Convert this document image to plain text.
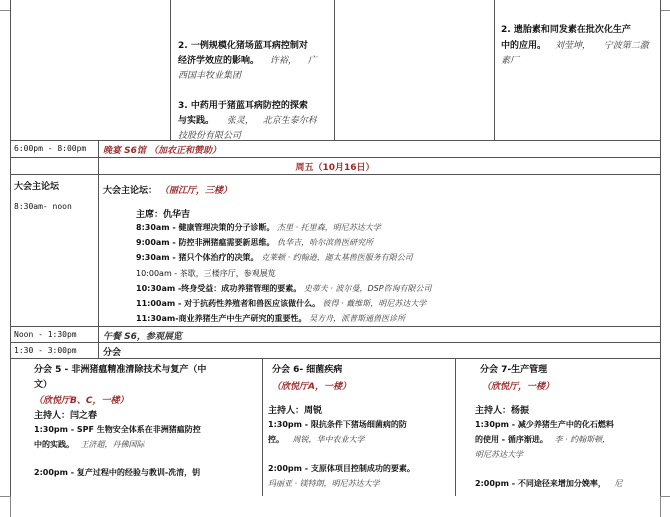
2. 一例规模化猪场蓝耳病控制对
经济学效应的影响。 许裕， 广
西国丰牧业集团
3. 中药用于猪蓝耳病防控的探索
与实践。 张灵， 北京生泰尔科
技股份有限公司
2. 遗胎素和同发素在批次化生产
中的应用。 刘莹坤， 宁波第二激
素厂
6:00pm - 8:00pm 晚宴 S6馆 （加农正和赞助）
周五（10月16日）
大会主论坛
8:30am- noon
大会主论坛： （丽江厅，三楼）
主席：仇华吉
8:30am - 健康管理决策的分子诊断。 杰里 · 托里森，明尼苏达大学
9:00am - 防控非洲猪瘟需要新思维。 仇华吉，哈尔滨兽医研究所
9:30am - 猪只个体治疗的决策。 克莱顿 · 约翰逊，迦太基兽医服务有限公司
10:00am - 茶歇，三楼序厅，参观展览
10:30am -终身受益：成功养猪管理的要素。 史蒂夫 · 波尔曼，DSP咨询有限公司
11:00am - 对于抗药性养殖者和兽医应该做什么。 彼得 · 戴维斯，明尼苏达大学
11:30am-商业养猪生产中生产研究的重要性。 吴方舟，派普斯通兽医诊所
Noon - 1:30pm	午餐 S6，参观展览
1:30 - 3:00pm	分会
分会 5 - 非洲猪瘟精准清除技术与复产（中
文）
（欣悦厅B、C，一楼）
主持人：闫之春
1:30pm - SPF 生物安全体系在非洲猪瘟防控
中的实践。 王济超，丹佛国际
2:00pm - 复产过程中的经验与教训-冼淯，钥
分会 6- 细菌疾病
（欣悦厅A，一楼）
主持人：周锐
1:30pm - 限抗条件下猪场细菌病的防
控。 周锐，华中农业大学
2:00pm - 支原体项目控制成功的要素。
玛丽亚 · 镁特朗，明尼苏达大学
分会 7-生产管理
（欣悦厅，一楼）
主持人：杨振
1:30pm - 减少养猪生产中的化石燃料
的使用 - 循序渐进。 李 · 约翰斯顿，
明尼苏达大学
2:00pm - 不同途径来增加分娩率， 尼
